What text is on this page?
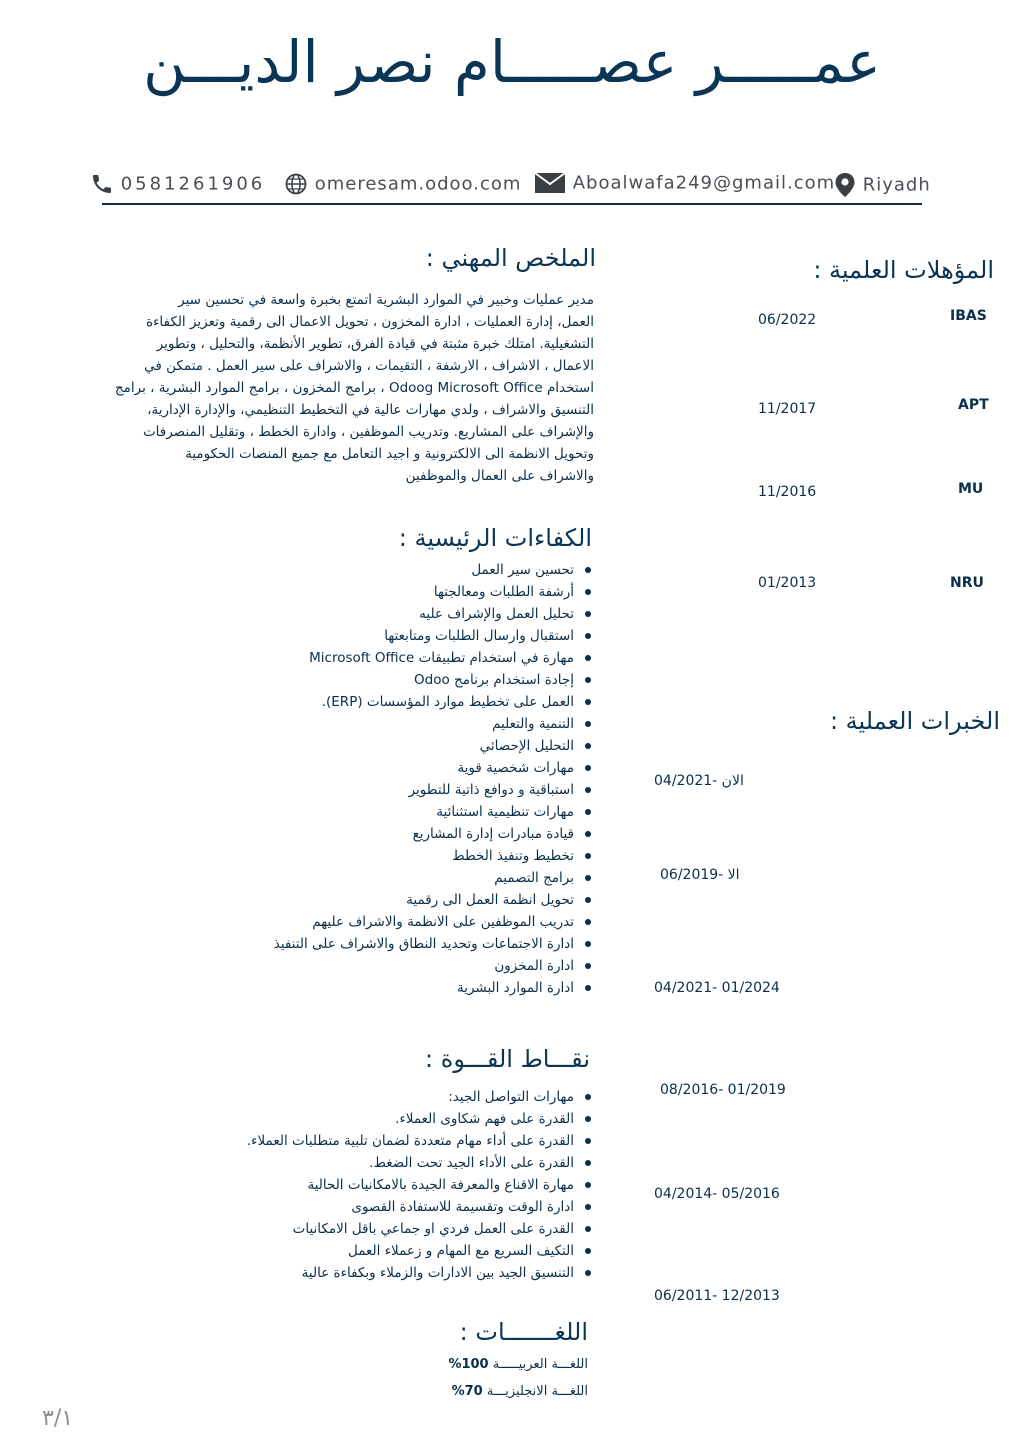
عمـــــر عصـــــام نصر الديـــن
0581261906	omeresam.odoo.com	Aboalwafa249@gmail.com	Riyadh
المؤهلات العلمية :
IBAS
06/2022
APT
11/2017
MU
11/2016
NRU
01/2013
الخبرات العملية :
04/2021- الان
06/2019- الا
04/2021- 01/2024
08/2016- 01/2019
04/2014- 05/2016
06/2011- 12/2013
الملخص المهني :
مدير عمليات وخبير في الموارد البشرية اتمتع بخبرة واسعة في تحسين سير
العمل، إدارة العمليات ، ادارة المخزون ، تحويل الاعمال الى رقمية وتعزيز الكفاءة
التشغيلية. امتلك خبرة مثبتة في قيادة الفرق، تطوير الأنظمة، والتحليل ، وتطوير
الاعمال ، الاشراف ، الارشفة ، التقيمات ، والاشراف على سير العمل . متمكن في
استخدام Odoog Microsoft Office ، برامج المخزون ، برامج الموارد البشرية ، برامج
التنسيق والاشراف ، ولدي مهارات عالية في التخطيط التنظيمي، والإدارة الإدارية،
والإشراف على المشاريع. وتدريب الموظفين ، وادارة الخطط ، وتقليل المنصرفات
وتحويل الانظمة الى الالكترونية و اجيد التعامل مع جميع المنصات الحكومية
والاشراف على العمال والموظفين
الكفاءات الرئيسية :
تحسين سير العمل
أرشفة الطلبات ومعالجتها
تحليل العمل والإشراف عليه
استقبال وارسال الطلبات ومتابعتها
مهارة في استخدام تطبيقات Microsoft Office
إجادة استخدام برنامج Odoo
العمل على تخطيط موارد المؤسسات (ERP).
التنمية والتعليم
التحليل الإحصائي
مهارات شخصية قوية
استباقية و دوافع ذاتية للتطوير
مهارات تنظيمية استثنائية
قيادة مبادرات إدارة المشاريع
تخطيط وتنفيذ الخطط
برامج التصميم
تحويل انظمة العمل الى رقمية
تدريب الموظفين على الانظمة والاشراف عليهم
ادارة الاجتماعات وتحديد النطاق والاشراف على التنفيذ
ادارة المخزون
ادارة الموارد البشرية
نقـــاط القـــوة :
مهارات التواصل الجيد:
القدرة على فهم شكاوى العملاء.
القدرة على أداء مهام متعددة لضمان تلبية متطلبات العملاء.
القدرة على الأداء الجيد تحت الضغط.
مهارة الاقناع والمعرفة الجيدة بالامكانيات الحالية
ادارة الوقت وتقسيمة للاستفادة القصوى
القدرة على العمل فردي او جماعي باقل الامكانيات
التكيف السريع مع المهام و زعملاء العمل
التنسيق الجيد بين الادارات والزملاء وبكفاءة عالية
اللغـــــــات :
اللغـــة العربيـــــة 100%
اللغـــة الانجليزيـــة 70%
٣/١
